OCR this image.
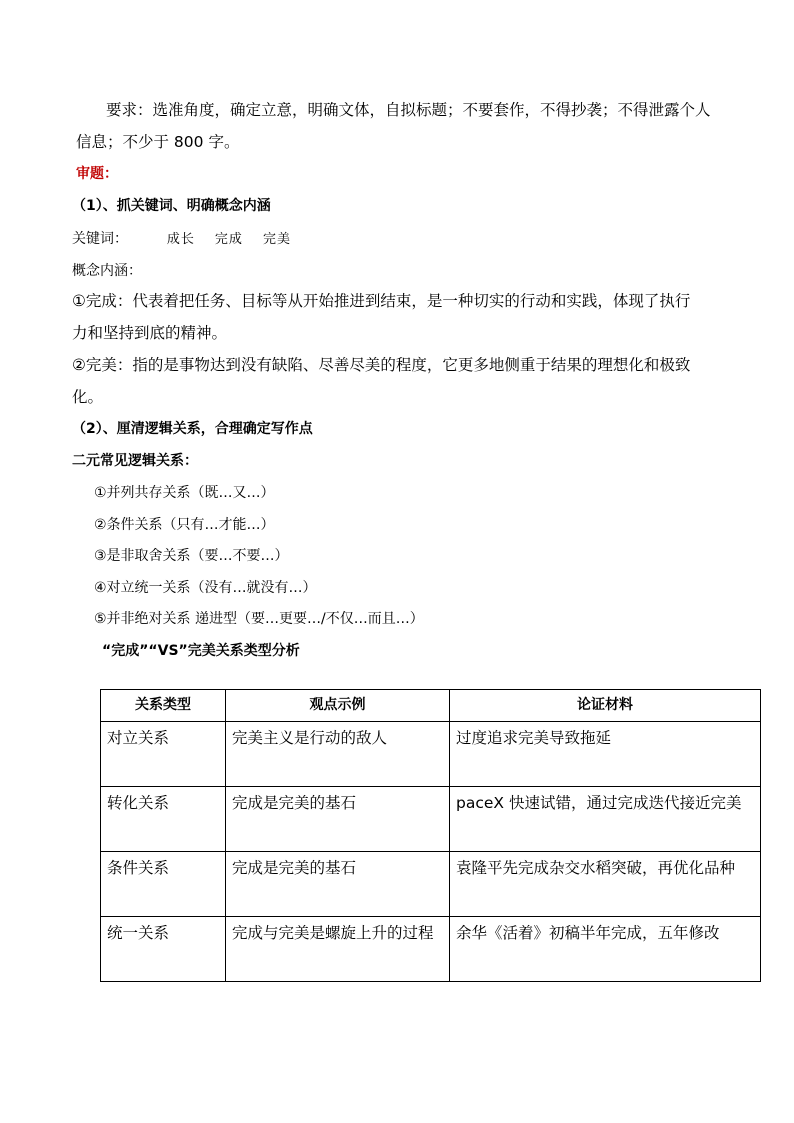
要求：选准角度，确定立意，明确文体，自拟标题；不要套作，不得抄袭；不得泄露个人
信息；不少于 800 字。
审题：
（1）、抓关键词、明确概念内涵
关键词：	成长 完成 完美
概念内涵：
①完成：代表着把任务、目标等从开始推进到结束，是一种切实的行动和实践，体现了执行
力和坚持到底的精神。
②完美：指的是事物达到没有缺陷、尽善尽美的程度，它更多地侧重于结果的理想化和极致
化。
（2）、厘清逻辑关系，合理确定写作点
二元常见逻辑关系：
①并列共存关系（既…又…）
②条件关系（只有…才能…）
③是非取舍关系（要…不要…）
④对立统一关系（没有…就没有…）
⑤并非绝对关系 递进型（要…更要…/不仅…而且…）
“完成”“VS”完美关系类型分析
关系类型	观点示例	论证材料
对立关系	完美主义是行动的敌人	过度追求完美导致拖延
转化关系	完成是完美的基石	paceX 快速试错，通过完成迭代接近完美
条件关系	完成是完美的基石	袁隆平先完成杂交水稻突破，再优化品种
统一关系	完成与完美是螺旋上升的过程	余华《活着》初稿半年完成，五年修改
